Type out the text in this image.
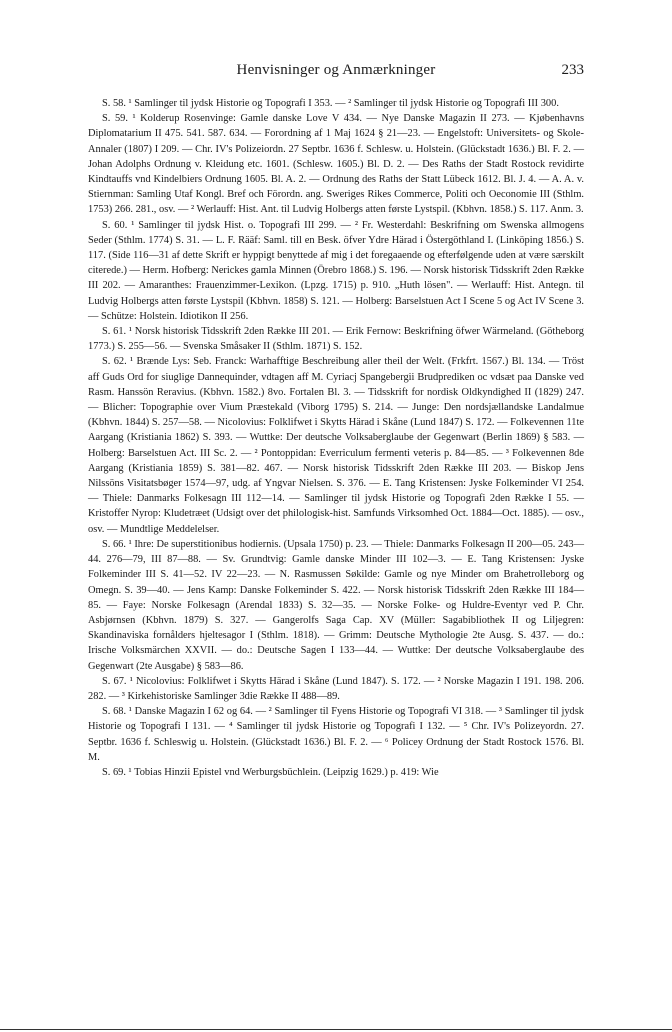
Henvisninger og Anmærkninger	233

S. 58. ¹ Samlinger til jydsk Historie og Topografi I 353. — ² Samlinger til jydsk Historie og Topografi III 300.

S. 59. ¹ Kolderup Rosenvinge: Gamle danske Love V 434. — Nye Danske Magazin II 273. — Kjøbenhavns Diplomatarium II 475. 541. 587. 634. — Forordning af 1 Maj 1624 § 21—23. — Engelstoft: Universitets- og Skole-Annaler (1807) I 209. — Chr. IV's Polizeiordn. 27 Septbr. 1636 f. Schlesw. u. Holstein. (Glückstadt 1636.) Bl. F. 2. — Johan Adolphs Ordnung v. Kleidung etc. 1601. (Schlesw. 1605.) Bl. D. 2. — Des Raths der Stadt Rostock revidirte Kindtauffs vnd Kindelbiers Ordnung 1605. Bl. A. 2. — Ordnung des Raths der Statt Lübeck 1612. Bl. J. 4. — A. A. v. Stiernman: Samling Utaf Kongl. Bref och Förordn. ang. Sweriges Rikes Commerce, Politi och Oeconomie III (Sthlm. 1753) 266. 281., osv. — ² Werlauff: Hist. Ant. til Ludvig Holbergs atten første Lystspil. (Kbhvn. 1858.) S. 117. Anm. 3.

S. 60. ¹ Samlinger til jydsk Hist. o. Topografi III 299. — ² Fr. Westerdahl: Beskrifning om Swenska allmogens Seder (Sthlm. 1774) S. 31. — L. F. Rääf: Saml. till en Besk. öfver Ydre Härad i Östergöthland I. (Linköping 1856.) S. 117. (Side 116—31 af dette Skrift er hyppigt benyttede af mig i det foregaaende og efterfølgende uden at være særskilt citerede.) — Herm. Hofberg: Nerickes gamla Minnen (Örebro 1868.) S. 196. — Norsk historisk Tidsskrift 2den Række III 202. — Amaranthes: Frauenzimmer-Lexikon. (Lpzg. 1715) p. 910. „Huth lösen". — Werlauff: Hist. Antegn. til Ludvig Holbergs atten første Lystspil (Kbhvn. 1858) S. 121. — Holberg: Barselstuen Act I Scene 5 og Act IV Scene 3. — Schütze: Holstein. Idiotikon II 256.

S. 61. ¹ Norsk historisk Tidsskrift 2den Række III 201. — Erik Fernow: Beskrifning öfwer Wärmeland. (Götheborg 1773.) S. 255—56. — Svenska Småsaker II (Sthlm. 1871) S. 152.

S. 62. ¹ Brænde Lys: Seb. Franck: Warhafftige Beschreibung aller theil der Welt. (Frkfrt. 1567.) Bl. 134. — Tröst aff Guds Ord for siuglige Dannequinder, vdtagen aff M. Cyriacj Spangebergii Brudprediken oc vdsæt paa Danske ved Rasm. Hanssön Reravius. (Kbhvn. 1582.) 8vo. Fortalen Bl. 3. — Tidsskrift for nordisk Oldkyndighed II (1829) 247. — Blicher: Topographie over Vium Præstekald (Viborg 1795) S. 214. — Junge: Den nordsjællandske Landalmue (Kbhvn. 1844) S. 257—58. — Nicolovius: Folklifwet i Skytts Härad i Skåne (Lund 1847) S. 172. — Folkevennen 11te Aargang (Kristiania 1862) S. 393. — Wuttke: Der deutsche Volksaberglaube der Gegenwart (Berlin 1869) § 583. — Holberg: Barselstuen Act. III Sc. 2. — ² Pontoppidan: Everriculum fermenti veteris p. 84—85. — ³ Folkevennen 8de Aargang (Kristiania 1859) S. 381—82. 467. — Norsk historisk Tidsskrift 2den Række III 203. — Biskop Jens Nilssöns Visitatsbøger 1574—97, udg. af Yngvar Nielsen. S. 376. — E. Tang Kristensen: Jyske Folkeminder VI 254. — Thiele: Danmarks Folkesagn III 112—14. — Samlinger til jydsk Historie og Topografi 2den Række I 55. — Kristoffer Nyrop: Kludetræet (Udsigt over det philologisk-hist. Samfunds Virksomhed Oct. 1884—Oct. 1885). — osv., osv. — Mundtlige Meddelelser.

S. 66. ¹ Ihre: De superstitionibus hodiernis. (Upsala 1750) p. 23. — Thiele: Danmarks Folkesagn II 200—05. 243—44. 276—79, III 87—88. — Sv. Grundtvig: Gamle danske Minder III 102—3. — E. Tang Kristensen: Jyske Folkeminder III S. 41—52. IV 22—23. — N. Rasmussen Søkilde: Gamle og nye Minder om Brahetrolleborg og Omegn. S. 39—40. — Jens Kamp: Danske Folkeminder S. 422. — Norsk historisk Tidsskrift 2den Række III 184—85. — Faye: Norske Folkesagn (Arendal 1833) S. 32—35. — Norske Folke- og Huldre-Eventyr ved P. Chr. Asbjørnsen (Kbhvn. 1879) S. 327. — Gangerolfs Saga Cap. XV (Müller: Sagabibliothek II og Liljegren: Skandinaviska fornålders hjeltesagor I (Sthlm. 1818). — Grimm: Deutsche Mythologie 2te Ausg. S. 437. — do.: Irische Volksmärchen XXVII. — do.: Deutsche Sagen I 133—44. — Wuttke: Der deutsche Volksaberglaube des Gegenwart (2te Ausgabe) § 583—86.

S. 67. ¹ Nicolovius: Folklifwet i Skytts Härad i Skåne (Lund 1847). S. 172. — ² Norske Magazin I 191. 198. 206. 282. — ³ Kirkehistoriske Samlinger 3die Række II 488—89.

S. 68. ¹ Danske Magazin I 62 og 64. — ² Samlinger til Fyens Historie og Topografi VI 318. — ³ Samlinger til jydsk Historie og Topografi I 131. — ⁴ Samlinger til jydsk Historie og Topografi I 132. — ⁵ Chr. IV's Polizeyordn. 27. Septbr. 1636 f. Schleswig u. Holstein. (Glückstadt 1636.) Bl. F. 2. — ⁶ Policey Ordnung der Stadt Rostock 1576. Bl. M.

S. 69. ¹ Tobias Hinzii Epistel vnd Werburgsbüchlein. (Leipzig 1629.) p. 419: Wie
